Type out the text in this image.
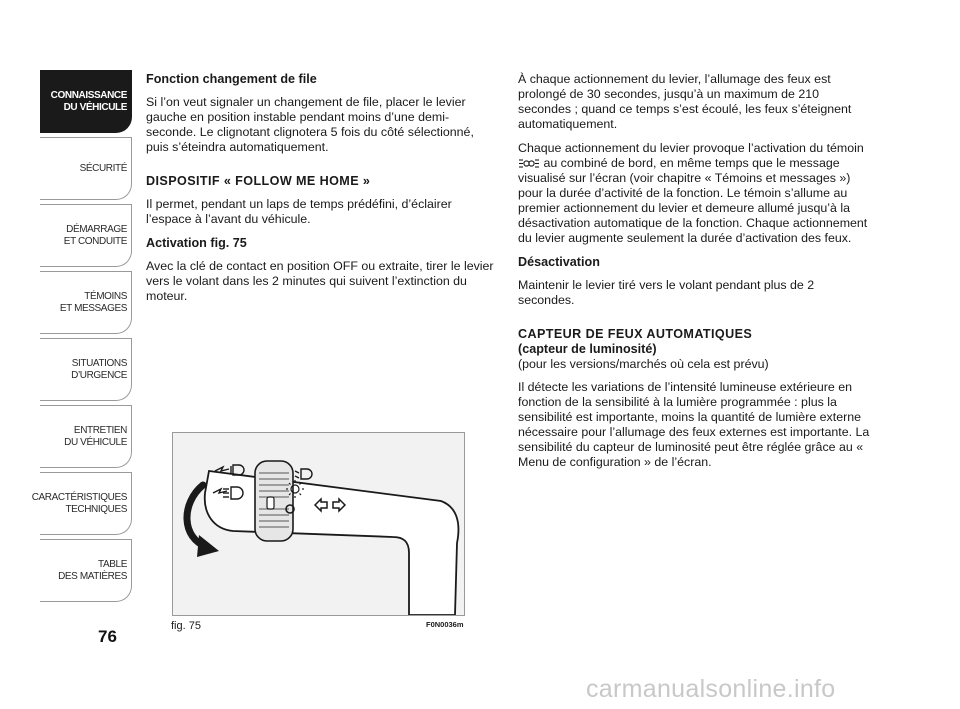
CONNAISSANCE
DU VÉHICULE
SÉCURITÉ
DÉMARRAGE
ET CONDUITE
TÉMOINS
ET MESSAGES
SITUATIONS
D’URGENCE
ENTRETIEN
DU VÉHICULE
CARACTÉRISTIQUES
TECHNIQUES
TABLE
DES MATIÈRES
76
Fonction changement de file

Si l’on veut signaler un changement de file, placer le levier gauche en position instable pendant moins d’une demi-seconde. Le clignotant clignotera 5 fois du côté sélectionné, puis s’éteindra automatiquement.

DISPOSITIF « FOLLOW ME HOME »

Il permet, pendant un laps de temps prédéfini, d’éclairer l’espace à l’avant du véhicule.

Activation fig. 75

Avec la clé de contact en position OFF ou extraite, tirer le levier vers le volant dans les 2 minutes qui suivent l’extinction du moteur.

À chaque actionnement du levier, l’allumage des feux est prolongé de 30 secondes, jusqu’à un maximum de 210 secondes ; quand ce temps s’est écoulé, les feux s’éteignent automatiquement.

Chaque actionnement du levier provoque l’activation du témoin  au combiné de bord, en même temps que le message visualisé sur l’écran (voir chapitre « Témoins et messages ») pour la durée d’activité de la fonction. Le témoin s’allume au premier actionnement du levier et demeure allumé jusqu’à la désactivation automatique de la fonction. Chaque actionnement du levier augmente seulement la durée d’activation des feux.

Désactivation

Maintenir le levier tiré vers le volant pendant plus de 2 secondes.

CAPTEUR DE FEUX AUTOMATIQUES
(capteur de luminosité)

(pour les versions/marchés où cela est prévu)

Il détecte les variations de l’intensité lumineuse extérieure en fonction de la sensibilité à la lumière programmée : plus la sensibilité est importante, moins la quantité de lumière externe nécessaire pour l’allumage des feux externes est importante. La sensibilité du capteur de luminosité peut être réglée grâce au « Menu de configuration » de l’écran.

fig. 75	F0N0036m
carmanualsonline.info
